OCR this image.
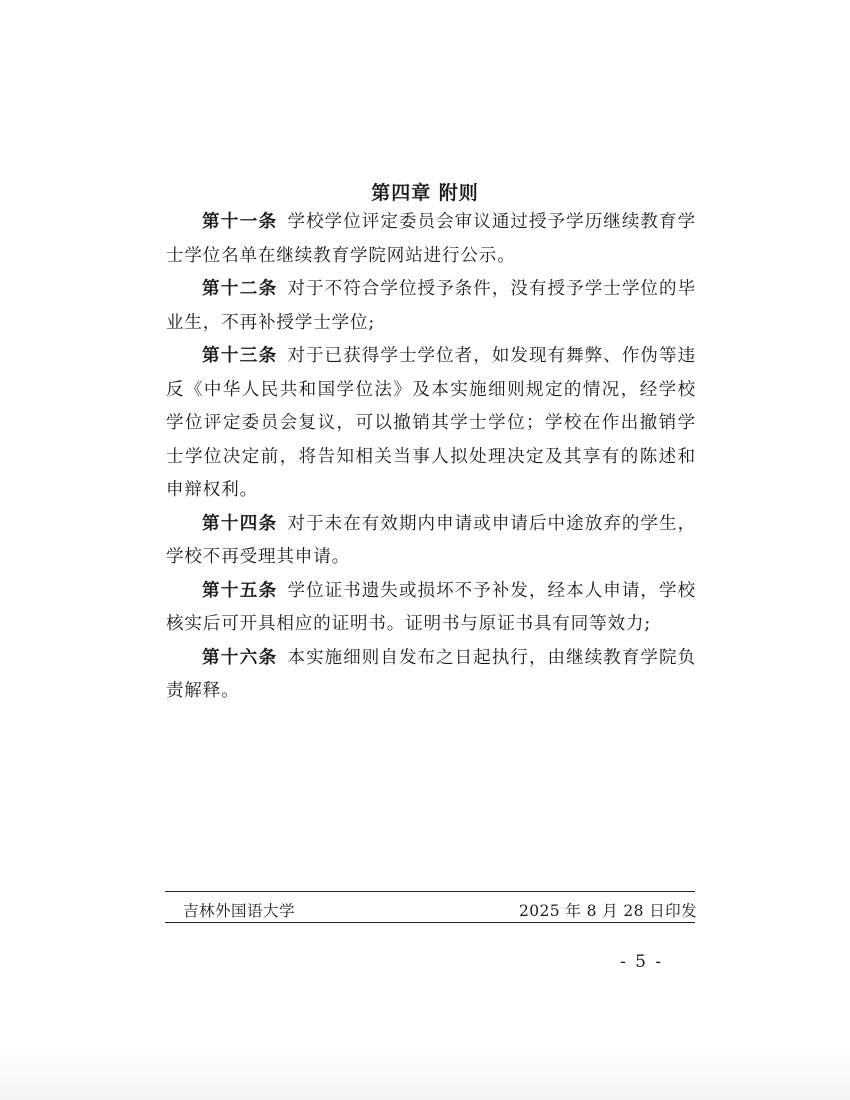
第四章 附则

第十一条 学校学位评定委员会审议通过授予学历继续教育学士学位名单在继续教育学院网站进行公示。

第十二条 对于不符合学位授予条件，没有授予学士学位的毕业生，不再补授学士学位;

第十三条 对于已获得学士学位者，如发现有舞弊、作伪等违反《中华人民共和国学位法》及本实施细则规定的情况，经学校学位评定委员会复议，可以撤销其学士学位；学校在作出撤销学士学位决定前，将告知相关当事人拟处理决定及其享有的陈述和申辩权利。

第十四条 对于未在有效期内申请或申请后中途放弃的学生，学校不再受理其申请。

第十五条 学位证书遗失或损坏不予补发，经本人申请，学校核实后可开具相应的证明书。证明书与原证书具有同等效力;

第十六条 本实施细则自发布之日起执行，由继续教育学院负责解释。

吉林外国语大学	2025 年 8 月 28 日印发
- 5 -
